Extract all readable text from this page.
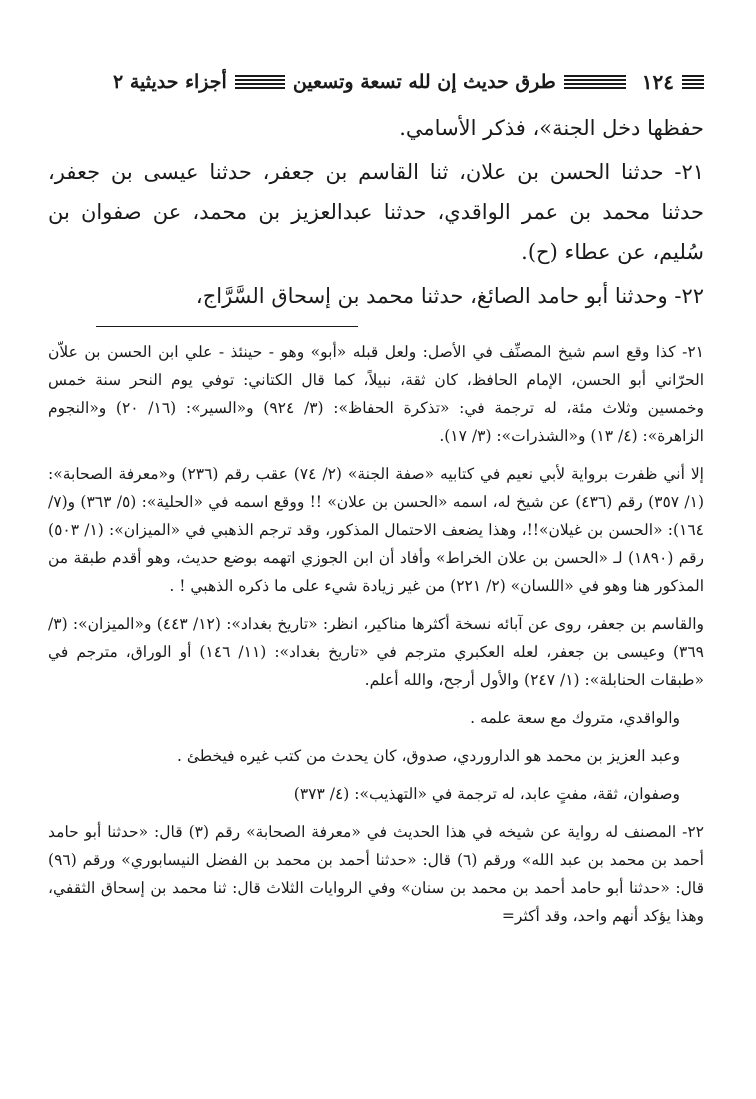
١٢٤
طرق حديث إن لله تسعة وتسعين
أجزاء حديثية ٢

حفظها دخل الجنة»، فذكر الأسامي.

٢١- حدثنا الحسن بن علان، ثنا القاسم بن جعفر، حدثنا عيسى بن جعفر، حدثنا محمد بن عمر الواقدي، حدثنا عبدالعزيز بن محمد، عن صفوان بن سُليم، عن عطاء (ح).

٢٢- وحدثنا أبو حامد الصائغ، حدثنا محمد بن إسحاق السَّرَّاج،

٢١- كذا وقع اسم شيخ المصنِّف في الأصل: ولعل قبله «أبو» وهو - حينئذ - علي ابن الحسن بن علاّن الحرّاني أبو الحسن، الإمام الحافظ، كان ثقة، نبيلاً، كما قال الكتاني: توفي يوم النحر سنة خمس وخمسين وثلاث مئة، له ترجمة في: «تذكرة الحفاظ»: (٣/ ٩٢٤) و«السير»: (١٦/ ٢٠) و«النجوم الزاهرة»: (٤/ ١٣) و«الشذرات»: (٣/ ١٧).

إلا أني ظفرت برواية لأبي نعيم في كتابيه «صفة الجنة» (٢/ ٧٤) عقب رقم (٢٣٦) و«معرفة الصحابة»: (١/ ٣٥٧) رقم (٤٣٦) عن شيخ له، اسمه «الحسن بن علان» !! ووقع اسمه في «الحلية»: (٥/ ٣٦٣) و(٧/ ١٦٤): «الحسن بن غيلان»!!، وهذا يضعف الاحتمال المذكور، وقد ترجم الذهبي في «الميزان»: (١/ ٥٠٣) رقم (١٨٩٠) لـ «الحسن بن علان الخراط» وأفاد أن ابن الجوزي اتهمه بوضع حديث، وهو أقدم طبقة من المذكور هنا وهو في «اللسان» (٢/ ٢٢١) من غير زيادة شيء على ما ذكره الذهبي ! .

والقاسم بن جعفر، روى عن آبائه نسخة أكثرها مناكير، انظر: «تاريخ بغداد»: (١٢/ ٤٤٣) و«الميزان»: (٣/ ٣٦٩) وعيسى بن جعفر، لعله العكبري مترجم في «تاريخ بغداد»: (١١/ ١٤٦) أو الوراق، مترجم في «طبقات الحنابلة»: (١/ ٢٤٧) والأول أرجح، والله أعلم.

والواقدي، متروك مع سعة علمه .

وعبد العزيز بن محمد هو الداروردي، صدوق، كان يحدث من كتب غيره فيخطئ .

وصفوان، ثقة، مفتٍ عابد، له ترجمة في «التهذيب»: (٤/ ٣٧٣)

٢٢- المصنف له رواية عن شيخه في هذا الحديث في «معرفة الصحابة» رقم (٣) قال: «حدثنا أبو حامد أحمد بن محمد بن عبد الله» ورقم (٦) قال: «حدثنا أحمد بن محمد بن الفضل النيسابوري» ورقم (٩٦) قال: «حدثنا أبو حامد أحمد بن محمد بن سنان» وفي الروايات الثلاث قال: ثنا محمد بن إسحاق الثقفي، وهذا يؤكد أنهم واحد، وقد أكثر=
